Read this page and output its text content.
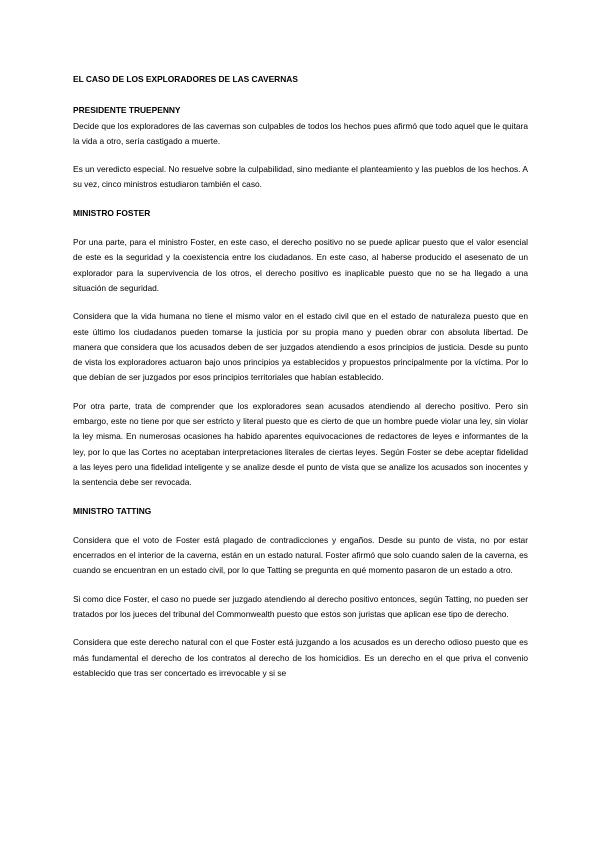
EL CASO DE LOS EXPLORADORES DE LAS CAVERNAS

PRESIDENTE TRUEPENNY

Decide que los exploradores de las cavernas son culpables de todos los hechos pues afirmó que todo aquel que le quitara la vida a otro, sería castigado a muerte.

Es un veredicto especial. No resuelve sobre la culpabilidad, sino mediante el planteamiento y las pueblos de los hechos. A su vez, cinco ministros estudiaron también el caso.

MINISTRO FOSTER

Por una parte, para el ministro Foster, en este caso, el derecho positivo no se puede aplicar puesto que el valor esencial de este es la seguridad y la coexistencia entre los ciudadanos. En este caso, al haberse producido el asesenato de un explorador para la supervivencia de los otros, el derecho positivo es inaplicable puesto que no se ha llegado a una situación de seguridad.

Considera que la vida humana no tiene el mismo valor en el estado civil que en el estado de naturaleza puesto que en este último los ciudadanos pueden tomarse la justicia por su propia mano y pueden obrar con absoluta libertad. De manera que considera que los acusados deben de ser juzgados atendiendo a esos principios de justicia. Desde su punto de vista los exploradores actuaron bajo unos principios ya establecidos y propuestos principalmente por la víctima. Por lo que debían de ser juzgados por esos principios territoriales que habían establecido.

Por otra parte, trata de comprender que los exploradores sean acusados atendiendo al derecho positivo. Pero sin embargo, este no tiene por que ser estricto y literal puesto que es cierto de que un hombre puede violar una ley, sin violar la ley misma. En numerosas ocasiones ha habido aparentes equivocaciones de redactores de leyes e informantes de la ley, por lo que las Cortes no aceptaban interpretaciones literales de ciertas leyes. Según Foster se debe aceptar fidelidad a las leyes pero una fidelidad inteligente y se analize desde el punto de vista que se analize los acusados son inocentes y la sentencia debe ser revocada.

MINISTRO TATTING

Considera que el voto de Foster está plagado de contradicciones y engaños. Desde su punto de vista, no por estar encerrados en el interior de la caverna, están en un estado natural. Foster afirmó que solo cuando salen de la caverna, es cuando se encuentran en un estado civil, por lo que Tatting se pregunta en qué momento pasaron de un estado a otro.

Si como dice Foster, el caso no puede ser juzgado atendiendo al derecho positivo entonces, según Tatting, no pueden ser tratados por los jueces del tribunal del Commonwealth puesto que estos son juristas que aplican ese tipo de derecho.

Considera que este derecho natural con el que Foster está juzgando a los acusados es un derecho odioso puesto que es más fundamental el derecho de los contratos al derecho de los homicidios. Es un derecho en el que priva el convenio establecido que tras ser concertado es irrevocable y si se
